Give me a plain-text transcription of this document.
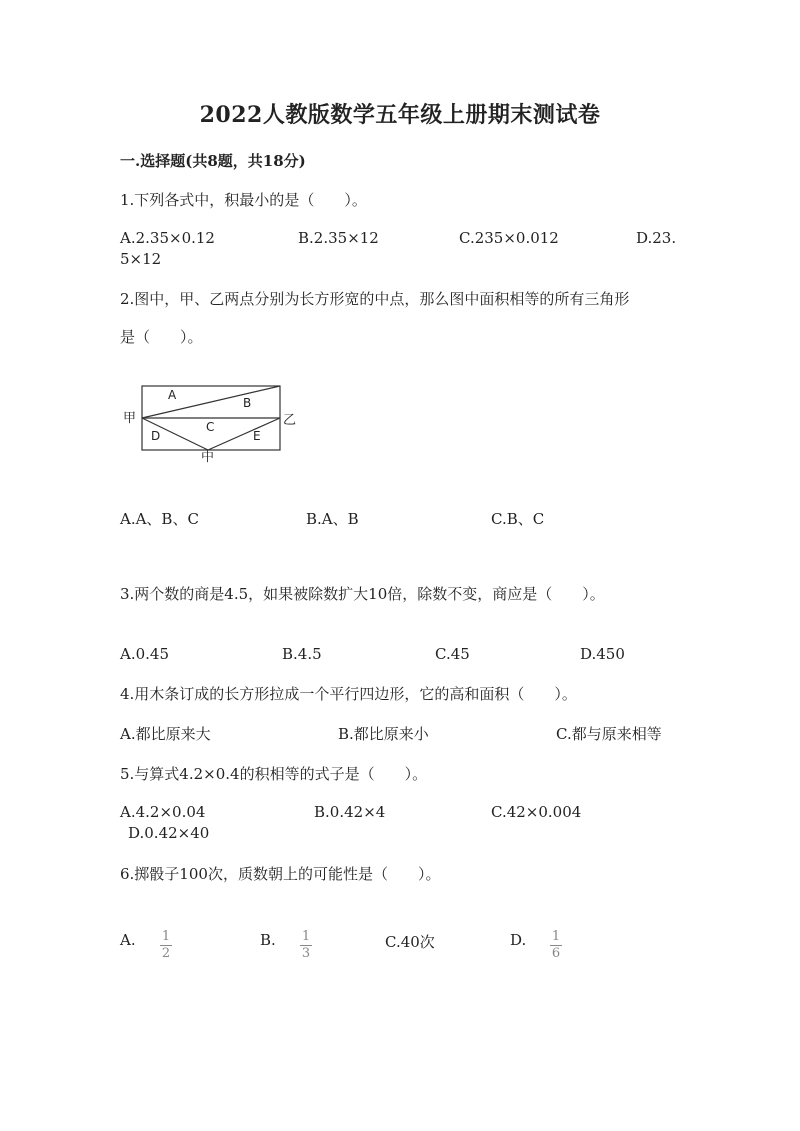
2022人教版数学五年级上册期末测试卷
一.选择题(共8题，共18分)
1.下列各式中，积最小的是（　　）。
A.2.35×0.12	B.2.35×12	C.235×0.012	D.23.
5×12
2.图中，甲、乙两点分别为长方形宽的中点，那么图中面积相等的所有三角形
是（　　）。
甲	乙
中
A
B
C
D	E
A.A、B、C	B.A、B	C.B、C
3.两个数的商是4.5，如果被除数扩大10倍，除数不变，商应是（　　）。
A.0.45	B.4.5	C.45	D.450
4.用木条订成的长方形拉成一个平行四边形，它的高和面积（　　）。
A.都比原来大	B.都比原来小	C.都与原来相等
5.与算式4.2×0.4的积相等的式子是（　　）。
A.4.2×0.04	B.0.42×4	C.42×0.004
D.0.42×40
6.掷骰子100次，质数朝上的可能性是（　　）。
A. $\frac{1}{2}$	B. $\frac{1}{3}$	C.40次	D. $\frac{1}{6}$
